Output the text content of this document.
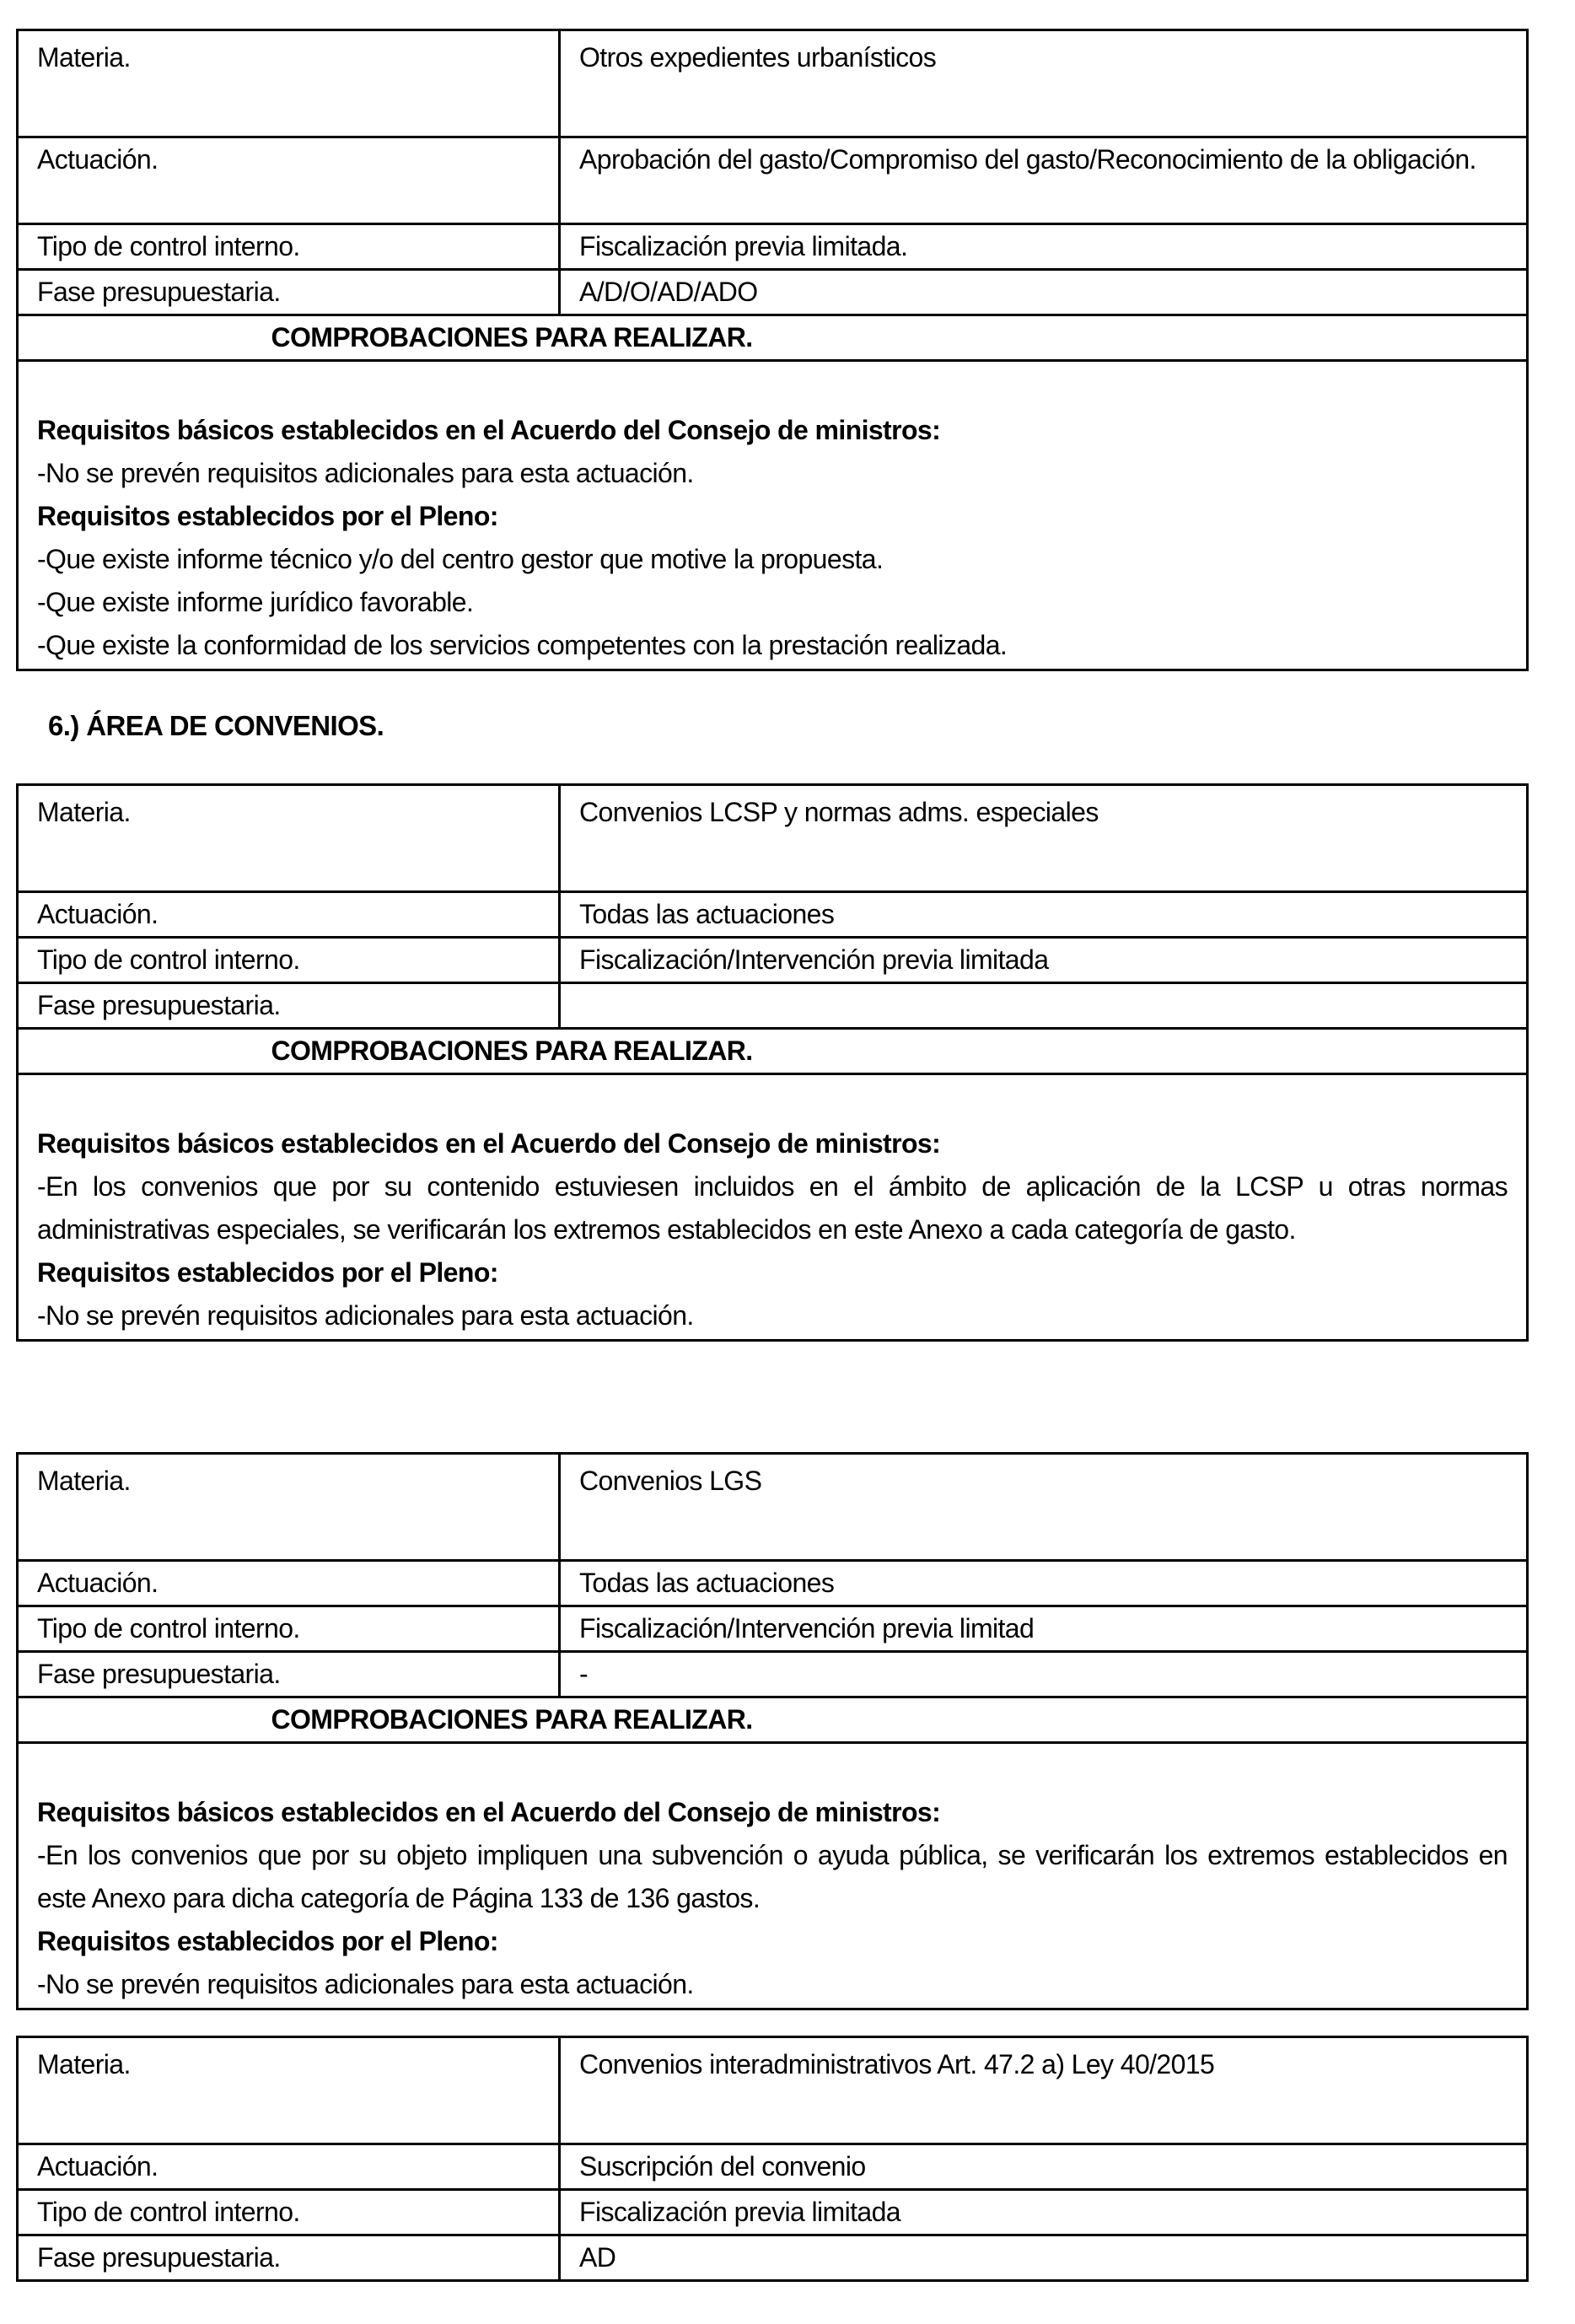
Materia.	Otros expedientes urbanísticos
Actuación.	Aprobación del gasto/Compromiso del gasto/Reconocimiento de la obligación.
Tipo de control interno.	Fiscalización previa limitada.
Fase presupuestaria.	A/D/O/AD/ADO
COMPROBACIONES PARA REALIZAR.	

Requisitos básicos establecidos en el Acuerdo del Consejo de ministros:
-No se prevén requisitos adicionales para esta actuación.
Requisitos establecidos por el Pleno:
-Que existe informe técnico y/o del centro gestor que motive la propuesta.
-Que existe informe jurídico favorable.
-Que existe la conformidad de los servicios competentes con la prestación realizada.
6.) ÁREA DE CONVENIOS.
Materia.	Convenios LCSP y normas adms. especiales
Actuación.	Todas las actuaciones
Tipo de control interno.	Fiscalización/Intervención previa limitada
Fase presupuestaria.	
COMPROBACIONES PARA REALIZAR.	

Requisitos básicos establecidos en el Acuerdo del Consejo de ministros:
-En los convenios que por su contenido estuviesen incluidos en el ámbito de aplicación de la LCSP u otras normas administrativas especiales, se verificarán los extremos establecidos en este Anexo a cada categoría de gasto.
Requisitos establecidos por el Pleno:
-No se prevén requisitos adicionales para esta actuación.	
Materia.	Convenios LGS
Actuación.	Todas las actuaciones
Tipo de control interno.	Fiscalización/Intervención previa limitad
Fase presupuestaria.	-
COMPROBACIONES PARA REALIZAR.	

Requisitos básicos establecidos en el Acuerdo del Consejo de ministros:
-En los convenios que por su objeto impliquen una subvención o ayuda pública, se verificarán los extremos establecidos en este Anexo para dicha categoría de Página 133 de 136 gastos.
Requisitos establecidos por el Pleno:
-No se prevén requisitos adicionales para esta actuación.	
Materia.	Convenios interadministrativos Art. 47.2 a) Ley 40/2015
Actuación.	Suscripción del convenio
Tipo de control interno.	Fiscalización previa limitada
Fase presupuestaria.	AD
